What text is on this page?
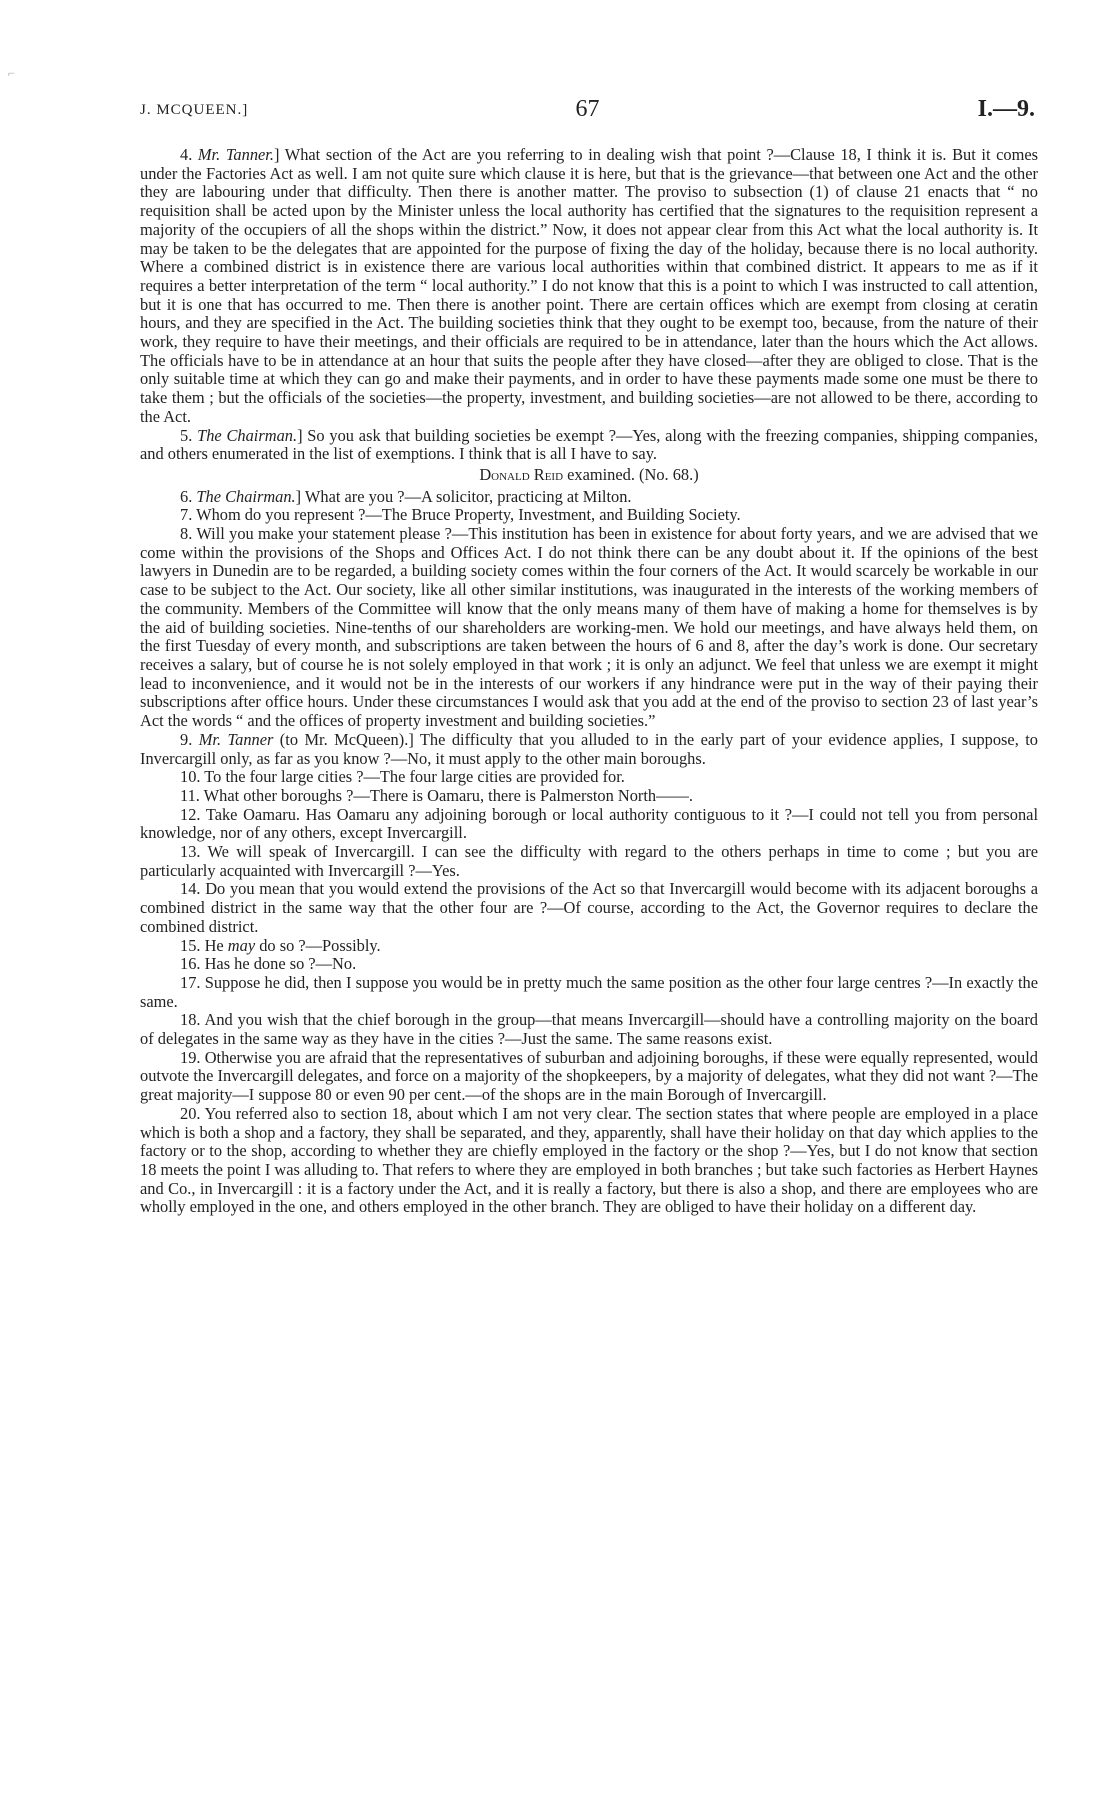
⌐
J. MCQUEEN.]	67	I.—9.

4. Mr. Tanner.] What section of the Act are you referring to in dealing wish that point ?—Clause 18, I think it is. But it comes under the Factories Act as well. I am not quite sure which clause it is here, but that is the grievance—that between one Act and the other they are labouring under that difficulty. Then there is another matter. The proviso to subsection (1) of clause 21 enacts that “ no requisition shall be acted upon by the Minister unless the local authority has certified that the signatures to the requisition represent a majority of the occupiers of all the shops within the district.” Now, it does not appear clear from this Act what the local authority is. It may be taken to be the delegates that are appointed for the purpose of fixing the day of the holiday, because there is no local authority. Where a combined district is in existence there are various local authorities within that combined district. It appears to me as if it requires a better interpretation of the term “ local authority.” I do not know that this is a point to which I was instructed to call attention, but it is one that has occurred to me. Then there is another point. There are certain offices which are exempt from closing at ceratin hours, and they are specified in the Act. The building societies think that they ought to be exempt too, because, from the nature of their work, they require to have their meetings, and their officials are required to be in attendance, later than the hours which the Act allows. The officials have to be in attendance at an hour that suits the people after they have closed—after they are obliged to close. That is the only suitable time at which they can go and make their payments, and in order to have these payments made some one must be there to take them ; but the officials of the societies—the property, investment, and building societies—are not allowed to be there, according to the Act.

5. The Chairman.] So you ask that building societies be exempt ?—Yes, along with the freezing companies, shipping companies, and others enumerated in the list of exemptions. I think that is all I have to say.

Donald Reid examined. (No. 68.)

6. The Chairman.] What are you ?—A solicitor, practicing at Milton.

7. Whom do you represent ?—The Bruce Property, Investment, and Building Society.

8. Will you make your statement please ?—This institution has been in existence for about forty years, and we are advised that we come within the provisions of the Shops and Offices Act. I do not think there can be any doubt about it. If the opinions of the best lawyers in Dunedin are to be regarded, a building society comes within the four corners of the Act. It would scarcely be workable in our case to be subject to the Act. Our society, like all other similar institutions, was inaugurated in the interests of the working members of the community. Members of the Committee will know that the only means many of them have of making a home for themselves is by the aid of building societies. Nine-tenths of our shareholders are working-men. We hold our meetings, and have always held them, on the first Tuesday of every month, and subscriptions are taken between the hours of 6 and 8, after the day’s work is done. Our secretary receives a salary, but of course he is not solely employed in that work ; it is only an adjunct. We feel that unless we are exempt it might lead to inconvenience, and it would not be in the interests of our workers if any hindrance were put in the way of their paying their subscriptions after office hours. Under these circumstances I would ask that you add at the end of the proviso to section 23 of last year’s Act the words “ and the offices of property investment and building societies.”

9. Mr. Tanner (to Mr. McQueen).] The difficulty that you alluded to in the early part of your evidence applies, I suppose, to Invercargill only, as far as you know ?—No, it must apply to the other main boroughs.

10. To the four large cities ?—The four large cities are provided for.

11. What other boroughs ?—There is Oamaru, there is Palmerston North——.

12. Take Oamaru. Has Oamaru any adjoining borough or local authority contiguous to it ?—I could not tell you from personal knowledge, nor of any others, except Invercargill.

13. We will speak of Invercargill. I can see the difficulty with regard to the others perhaps in time to come ; but you are particularly acquainted with Invercargill ?—Yes.

14. Do you mean that you would extend the provisions of the Act so that Invercargill would become with its adjacent boroughs a combined district in the same way that the other four are ?—Of course, according to the Act, the Governor requires to declare the combined district.

15. He may do so ?—Possibly.

16. Has he done so ?—No.

17. Suppose he did, then I suppose you would be in pretty much the same position as the other four large centres ?—In exactly the same.

18. And you wish that the chief borough in the group—that means Invercargill—should have a controlling majority on the board of delegates in the same way as they have in the cities ?—Just the same. The same reasons exist.

19. Otherwise you are afraid that the representatives of suburban and adjoining boroughs, if these were equally represented, would outvote the Invercargill delegates, and force on a majority of the shopkeepers, by a majority of delegates, what they did not want ?—The great majority—I suppose 80 or even 90 per cent.—of the shops are in the main Borough of Invercargill.

20. You referred also to section 18, about which I am not very clear. The section states that where people are employed in a place which is both a shop and a factory, they shall be separated, and they, apparently, shall have their holiday on that day which applies to the factory or to the shop, according to whether they are chiefly employed in the factory or the shop ?—Yes, but I do not know that section 18 meets the point I was alluding to. That refers to where they are employed in both branches ; but take such factories as Herbert Haynes and Co., in Invercargill : it is a factory under the Act, and it is really a factory, but there is also a shop, and there are employees who are wholly employed in the one, and others employed in the other branch. They are obliged to have their holiday on a different day.
